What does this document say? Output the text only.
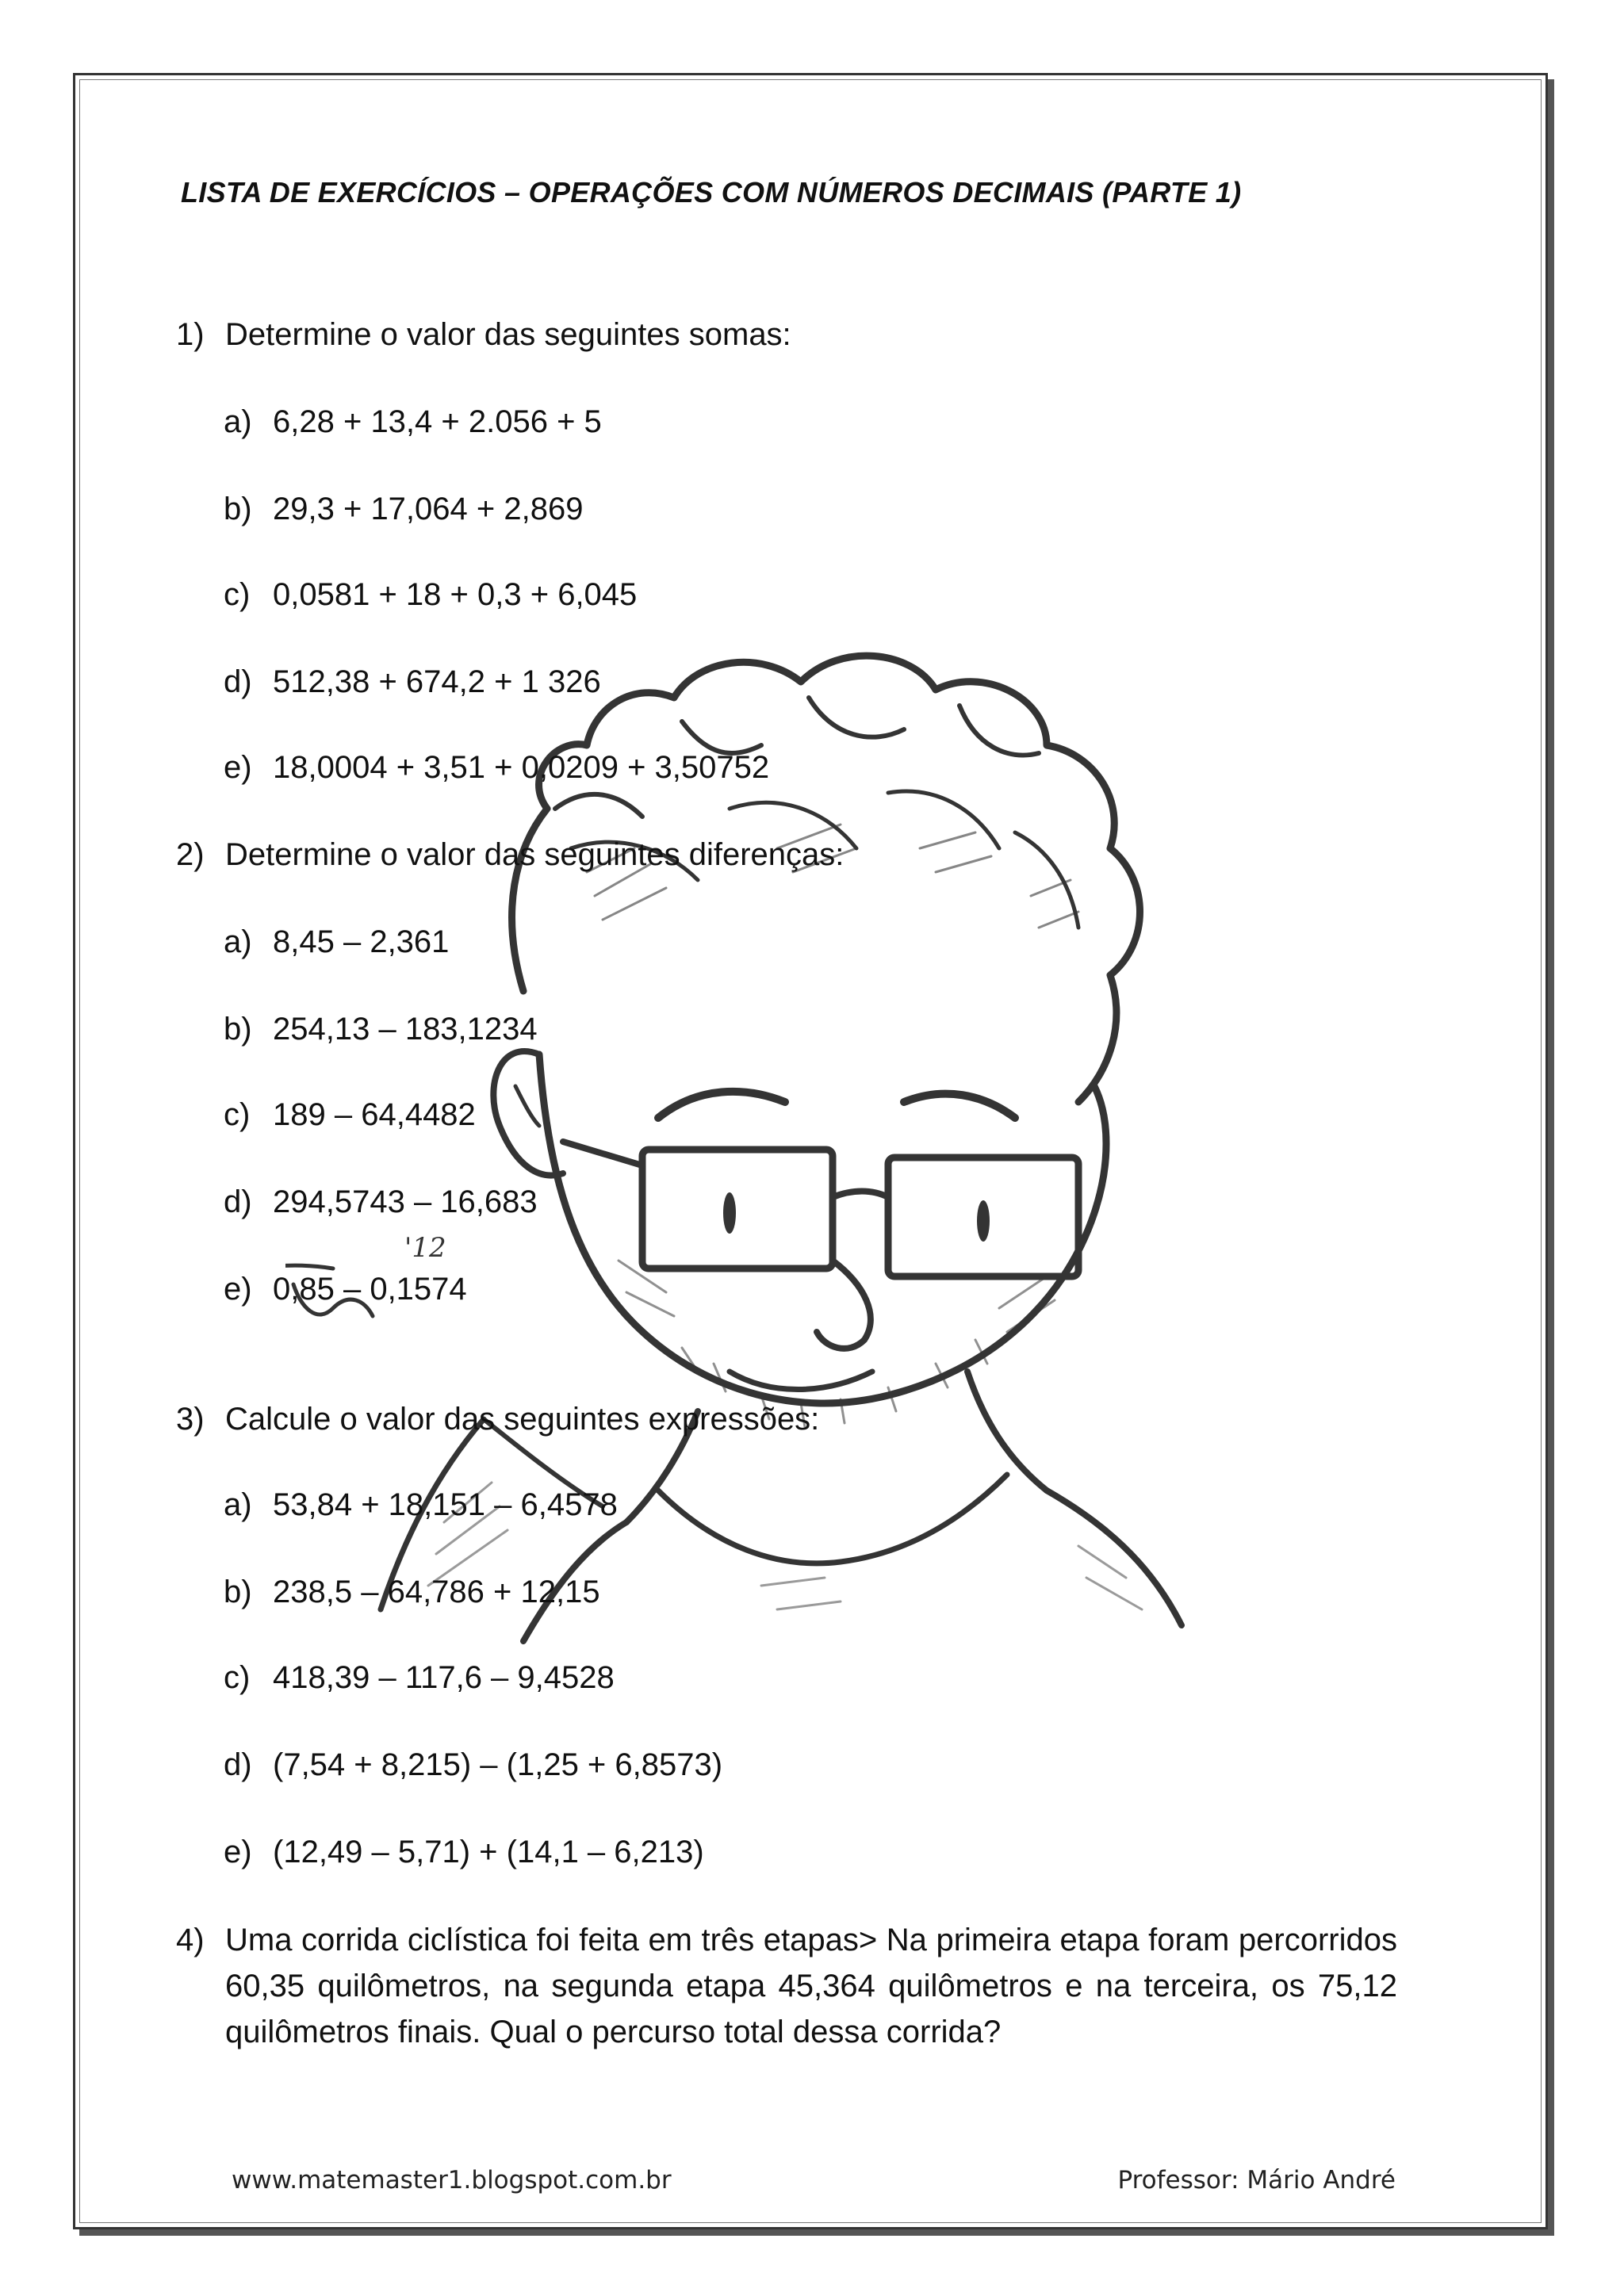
'12
LISTA DE EXERCÍCIOS – OPERAÇÕES COM NÚMEROS DECIMAIS (PARTE 1)
1) Determine o valor das seguintes somas:
a) 6,28 + 13,4 + 2.056 + 5
b) 29,3 + 17,064 + 2,869
c) 0,0581 + 18 + 0,3 + 6,045
d) 512,38 + 674,2 + 1 326
e) 18,0004 + 3,51 + 0,0209 + 3,50752
2) Determine o valor das seguintes diferenças:
a) 8,45 – 2,361
b) 254,13 – 183,1234
c) 189 – 64,4482
d) 294,5743 – 16,683
e) 0,85 – 0,1574
3) Calcule o valor das seguintes expressões:
a) 53,84 + 18,151 – 6,4578
b) 238,5 – 64,786 + 12,15
c) 418,39 – 117,6 – 9,4528
d) (7,54 + 8,215) – (1,25 + 6,8573)
e) (12,49 – 5,71) + (14,1 – 6,213)
4) Uma corrida ciclística foi feita em três etapas> Na primeira etapa foram percorridos 60,35 quilômetros, na segunda etapa 45,364 quilômetros e na terceira, os 75,12 quilômetros finais. Qual o percurso total dessa corrida?
www.matemaster1.blogspot.com.br	Professor: Mário André
